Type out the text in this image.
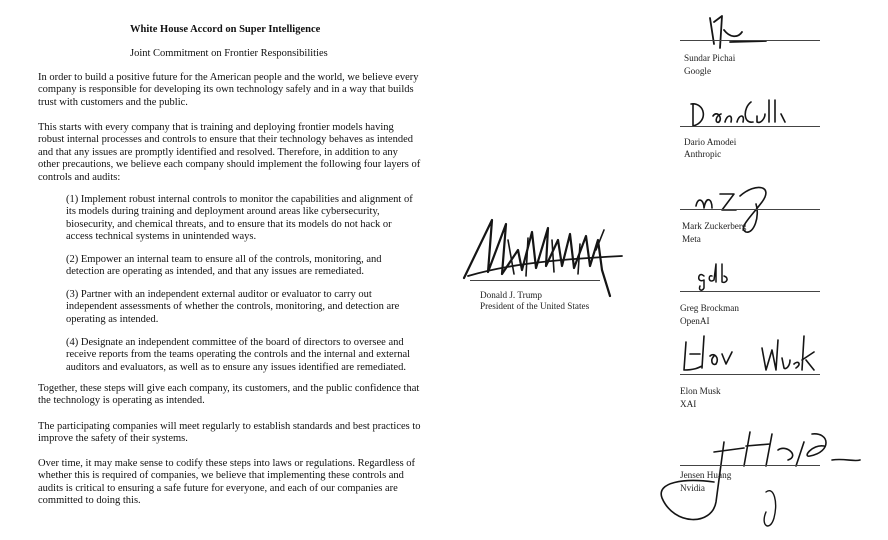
White House Accord on Super Intelligence
Joint Commitment on Frontier Responsibilities

In order to build a positive future for the American people and the world, we believe every company is responsible for developing its own technology safely and in a way that builds trust with customers and the public.

This starts with every company that is training and deploying frontier models having robust internal processes and controls to ensure that their technology behaves as intended and that any issues are promptly identified and resolved. Therefore, in addition to any other precautions, we believe each company should implement the following four layers of controls and audits:

(1) Implement robust internal controls to monitor the capabilities and alignment of its models during training and deployment around areas like cybersecurity, biosecurity, and chemical threats, and to ensure that its models do not hack or access technical systems in unintended ways.

(2) Empower an internal team to ensure all of the controls, monitoring, and detection are operating as intended, and that any issues are remediated.

(3) Partner with an independent external auditor or evaluator to carry out independent assessments of whether the controls, monitoring, and detection are operating as intended.

(4) Designate an independent committee of the board of directors to oversee and receive reports from the teams operating the controls and the internal and external auditors and evaluators, as well as to ensure any issues identified are remediated.

Together, these steps will give each company, its customers, and the public confidence that the technology is operating as intended.

The participating companies will meet regularly to establish standards and best practices to improve the safety of their systems.

Over time, it may make sense to codify these steps into laws or regulations. Regardless of whether this is required of companies, we believe that implementing these controls and audits is critical to ensuring a safe future for everyone, and each of our companies are committed to doing this.

Donald J. Trump
President of the United States
Sundar Pichai
Google
Dario Amodei
Anthropic
Mark Zuckerberg
Meta
Greg Brockman
OpenAI
Elon Musk
XAI
Jensen Huang
Nvidia
